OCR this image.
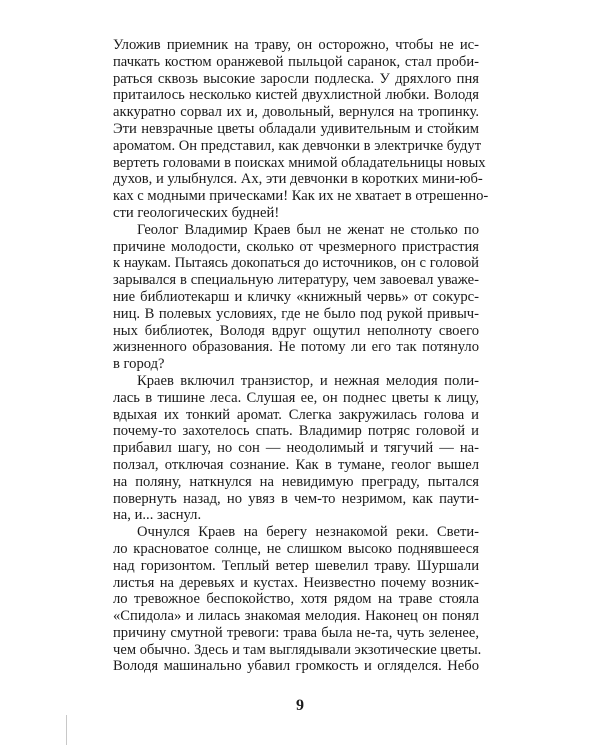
Уложив приемник на траву, он осторожно, чтобы не ис-
пачкать костюм оранжевой пыльцой саранок, стал проби-
раться сквозь высокие заросли подлеска. У дряхлого пня
притаилось несколько кистей двухлистной любки. Володя
аккуратно сорвал их и, довольный, вернулся на тропинку.
Эти невзрачные цветы обладали удивительным и стойким
ароматом. Он представил, как девчонки в электричке будут
вертеть головами в поисках мнимой обладательницы новых
духов, и улыбнулся. Ах, эти девчонки в коротких мини-юб-
ках с модными прическами! Как их не хватает в отрешенно-
сти геологических будней!
Геолог Владимир Краев был не женат не столько по
причине молодости, сколько от чрезмерного пристрастия
к наукам. Пытаясь докопаться до источников, он с головой
зарывался в специальную литературу, чем завоевал уваже-
ние библиотекарш и кличку «книжный червь» от сокурс-
ниц. В полевых условиях, где не было под рукой привыч-
ных библиотек, Володя вдруг ощутил неполноту своего
жизненного образования. Не потому ли его так потянуло
в город?
Краев включил транзистор, и нежная мелодия поли-
лась в тишине леса. Слушая ее, он поднес цветы к лицу,
вдыхая их тонкий аромат. Слегка закружилась голова и
почему-то захотелось спать. Владимир потряс головой и
прибавил шагу, но сон — неодолимый и тягучий — на-
ползал, отключая сознание. Как в тумане, геолог вышел
на поляну, наткнулся на невидимую преграду, пытался
повернуть назад, но увяз в чем-то незримом, как паути-
на, и... заснул.
Очнулся Краев на берегу незнакомой реки. Свети-
ло красноватое солнце, не слишком высоко поднявшееся
над горизонтом. Теплый ветер шевелил траву. Шуршали
листья на деревьях и кустах. Неизвестно почему возник-
ло тревожное беспокойство, хотя рядом на траве стояла
«Спидола» и лилась знакомая мелодия. Наконец он понял
причину смутной тревоги: трава была не-та, чуть зеленее,
чем обычно. Здесь и там выглядывали экзотические цветы.
Володя машинально убавил громкость и огляделся. Небо
9
